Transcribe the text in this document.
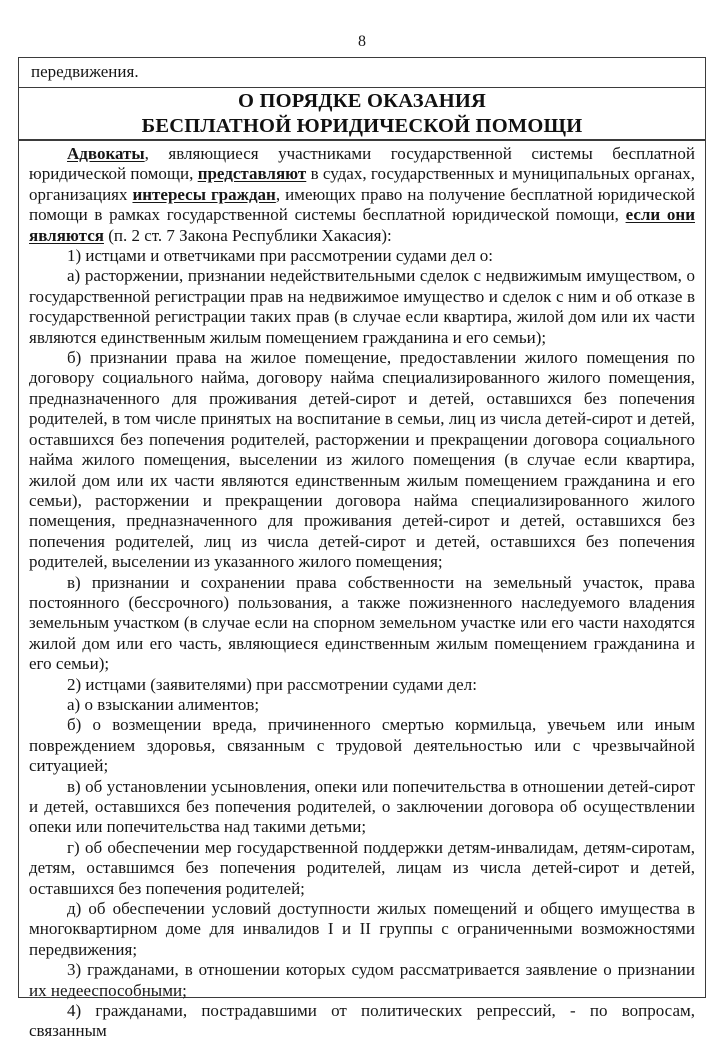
8

передвижения.

О ПОРЯДКЕ ОКАЗАНИЯ
БЕСПЛАТНОЙ ЮРИДИЧЕСКОЙ ПОМОЩИ

Адвокаты, являющиеся участниками государственной системы бесплатной юридической помощи, представляют в судах, государственных и муниципальных органах, организациях интересы граждан, имеющих право на получение бесплатной юридической помощи в рамках государственной системы бесплатной юридической помощи, если они являются (п. 2 ст. 7 Закона Республики Хакасия):

1) истцами и ответчиками при рассмотрении судами дел о:

а) расторжении, признании недействительными сделок с недвижимым имуществом, о государственной регистрации прав на недвижимое имущество и сделок с ним и об отказе в государственной регистрации таких прав (в случае если квартира, жилой дом или их части являются единственным жилым помещением гражданина и его семьи);

б) признании права на жилое помещение, предоставлении жилого помещения по договору социального найма, договору найма специализированного жилого помещения, предназначенного для проживания детей-сирот и детей, оставшихся без попечения родителей, в том числе принятых на воспитание в семьи, лиц из числа детей-сирот и детей, оставшихся без попечения родителей, расторжении и прекращении договора социального найма жилого помещения, выселении из жилого помещения (в случае если квартира, жилой дом или их части являются единственным жилым помещением гражданина и его семьи), расторжении и прекращении договора найма специализированного жилого помещения, предназначенного для проживания детей-сирот и детей, оставшихся без попечения родителей, лиц из числа детей-сирот и детей, оставшихся без попечения родителей, выселении из указанного жилого помещения;

в) признании и сохранении права собственности на земельный участок, права постоянного (бессрочного) пользования, а также пожизненного наследуемого владения земельным участком (в случае если на спорном земельном участке или его части находятся жилой дом или его часть, являющиеся единственным жилым помещением гражданина и его семьи);

2) истцами (заявителями) при рассмотрении судами дел:

а) о взыскании алиментов;

б) о возмещении вреда, причиненного смертью кормильца, увечьем или иным повреждением здоровья, связанным с трудовой деятельностью или с чрезвычайной ситуацией;

в) об установлении усыновления, опеки или попечительства в отношении детей-сирот и детей, оставшихся без попечения родителей, о заключении договора об осуществлении опеки или попечительства над такими детьми;

г) об обеспечении мер государственной поддержки детям-инвалидам, детям-сиротам, детям, оставшимся без попечения родителей, лицам из числа детей-сирот и детей, оставшихся без попечения родителей;

д) об обеспечении условий доступности жилых помещений и общего имущества в многоквартирном доме для инвалидов I и II группы с ограниченными возможностями передвижения;

3) гражданами, в отношении которых судом рассматривается заявление о признании их недееспособными;

4) гражданами, пострадавшими от политических репрессий, - по вопросам, связанным
